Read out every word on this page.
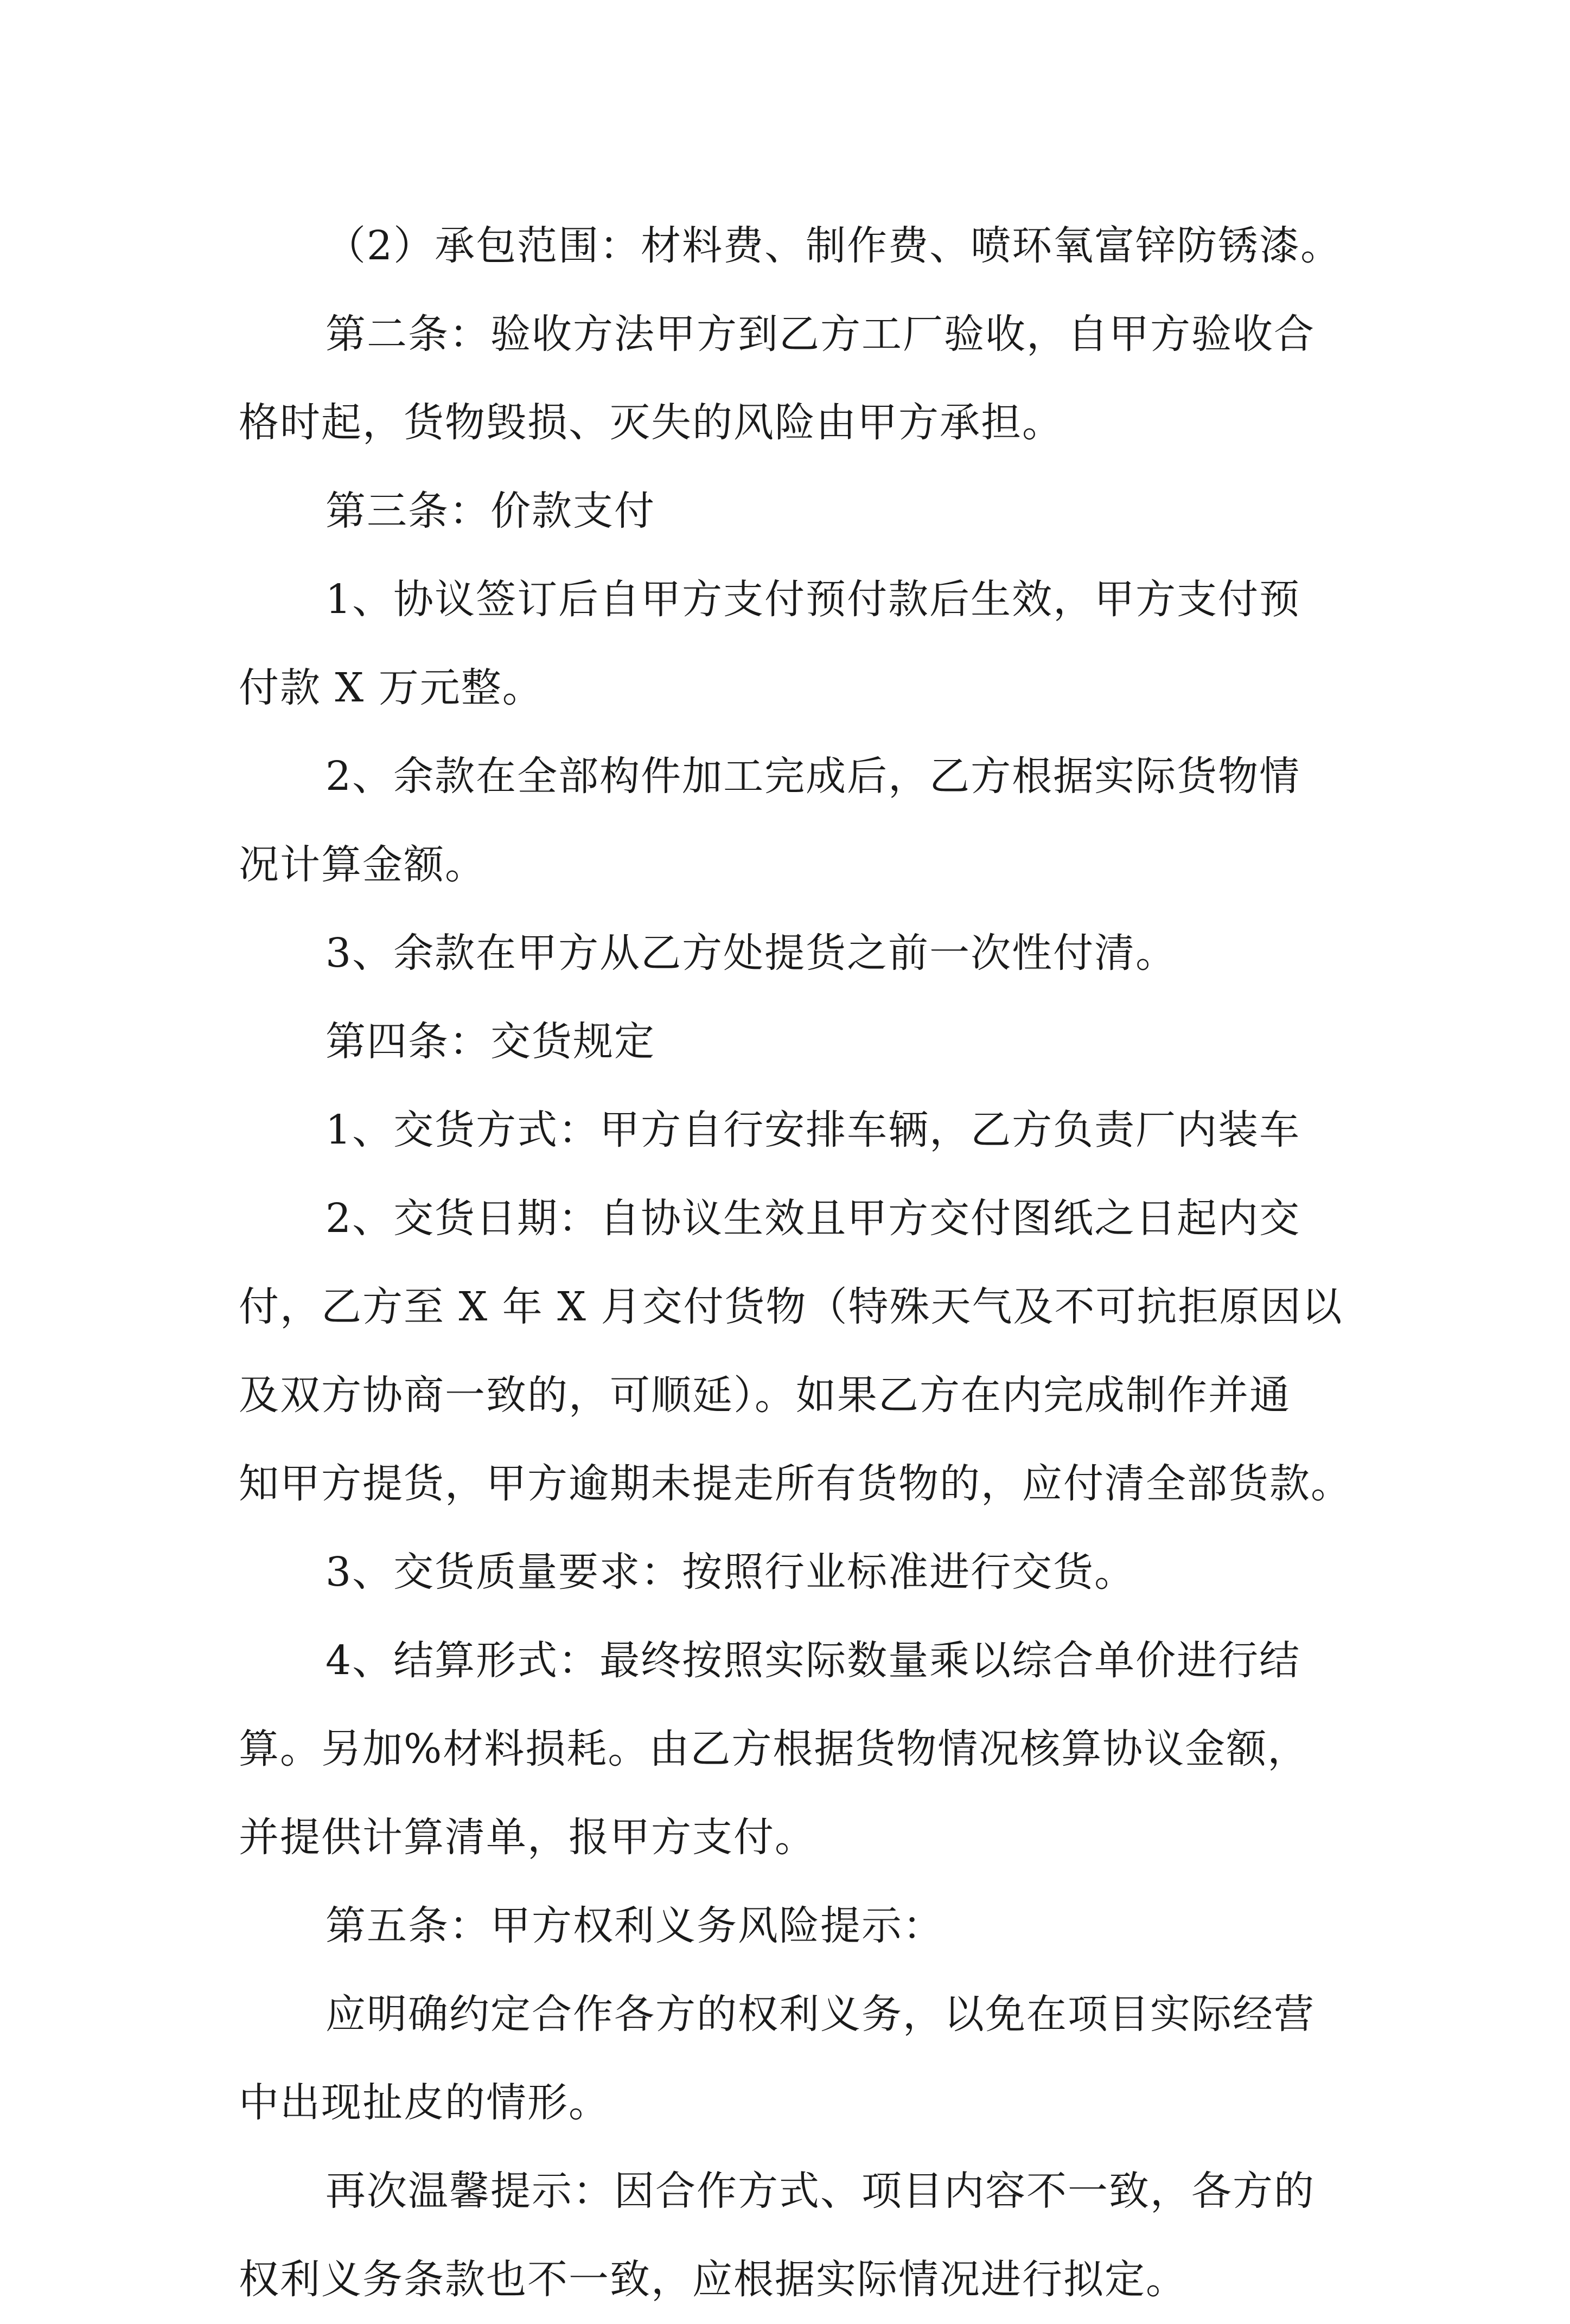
（2）承包范围：材料费、制作费、喷环氧富锌防锈漆。

第二条：验收方法甲方到乙方工厂验收，自甲方验收合

格时起，货物毁损、灭失的风险由甲方承担。

第三条：价款支付

1、协议签订后自甲方支付预付款后生效，甲方支付预

付款 X 万元整。

2、余款在全部构件加工完成后，乙方根据实际货物情

况计算金额。

3、余款在甲方从乙方处提货之前一次性付清。

第四条：交货规定

1、交货方式：甲方自行安排车辆，乙方负责厂内装车

2、交货日期：自协议生效且甲方交付图纸之日起内交

付，乙方至 X 年 X 月交付货物（特殊天气及不可抗拒原因以

及双方协商一致的，可顺延）。如果乙方在内完成制作并通

知甲方提货，甲方逾期未提走所有货物的，应付清全部货款。

3、交货质量要求：按照行业标准进行交货。

4、结算形式：最终按照实际数量乘以综合单价进行结

算。另加%材料损耗。由乙方根据货物情况核算协议金额，

并提供计算清单，报甲方支付。

第五条：甲方权利义务风险提示：

应明确约定合作各方的权利义务，以免在项目实际经营

中出现扯皮的情形。

再次温馨提示：因合作方式、项目内容不一致，各方的

权利义务条款也不一致，应根据实际情况进行拟定。
